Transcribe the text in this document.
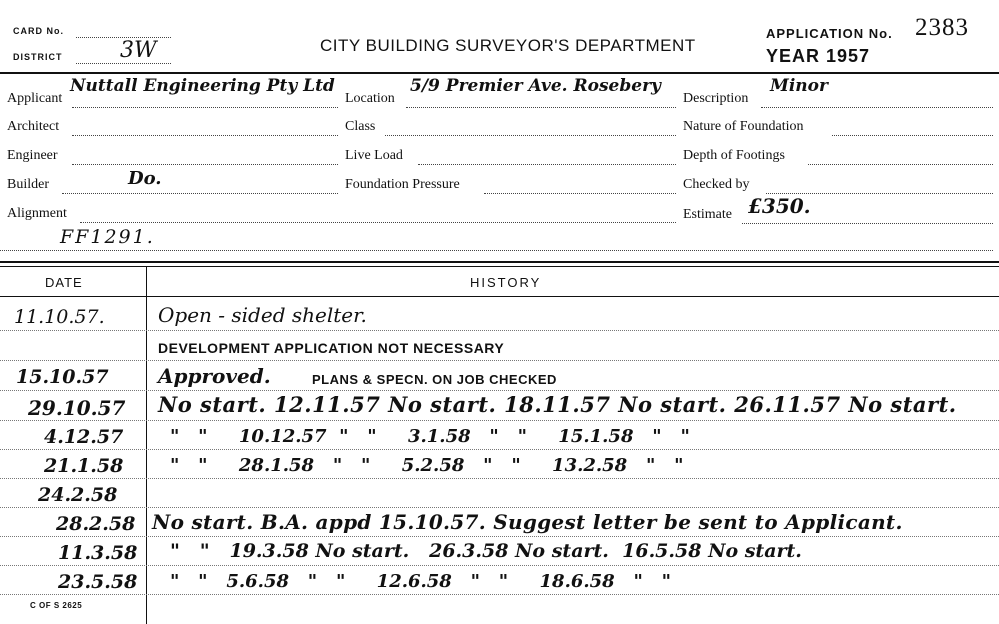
CARD No.
DISTRICT	3W	CITY BUILDING SURVEYOR'S DEPARTMENT
APPLICATION No. 2383
YEAR 1957
Applicant
Nuttall Engineering Pty Ltd
Location
5/9 Premier Ave. Rosebery
Description
Minor
Architect	Class	Nature of Foundation
Engineer	Live Load	Depth of Footings
Builder	Do.	Foundation Pressure	Checked by
Alignment	Estimate £350.
FF1291.
DATE	HISTORY
11.10.57.	Open - sided shelter.
DEVELOPMENT APPLICATION NOT NECESSARY
15.10.57 Approved.	PLANS & SPECN. ON JOB CHECKED
29.10.57 No start. 12.11.57 No start. 18.11.57 No start. 26.11.57 No start.
4.12.57	"   "     10.12.57  "   "     3.1.58   "   "     15.1.58   "   "
21.1.58	"   "     28.1.58   "   "     5.2.58   "   "     13.2.58   "   "
24.2.58
28.2.58 No start. B.A. appd 15.10.57. Suggest letter be sent to Applicant.
11.3.58 "   "   19.3.58 No start.   26.3.58 No start.  16.5.58 No start.
23.5.58 "   "   5.6.58   "   "     12.6.58   "   "     18.6.58   "   "
C OF S 2625
